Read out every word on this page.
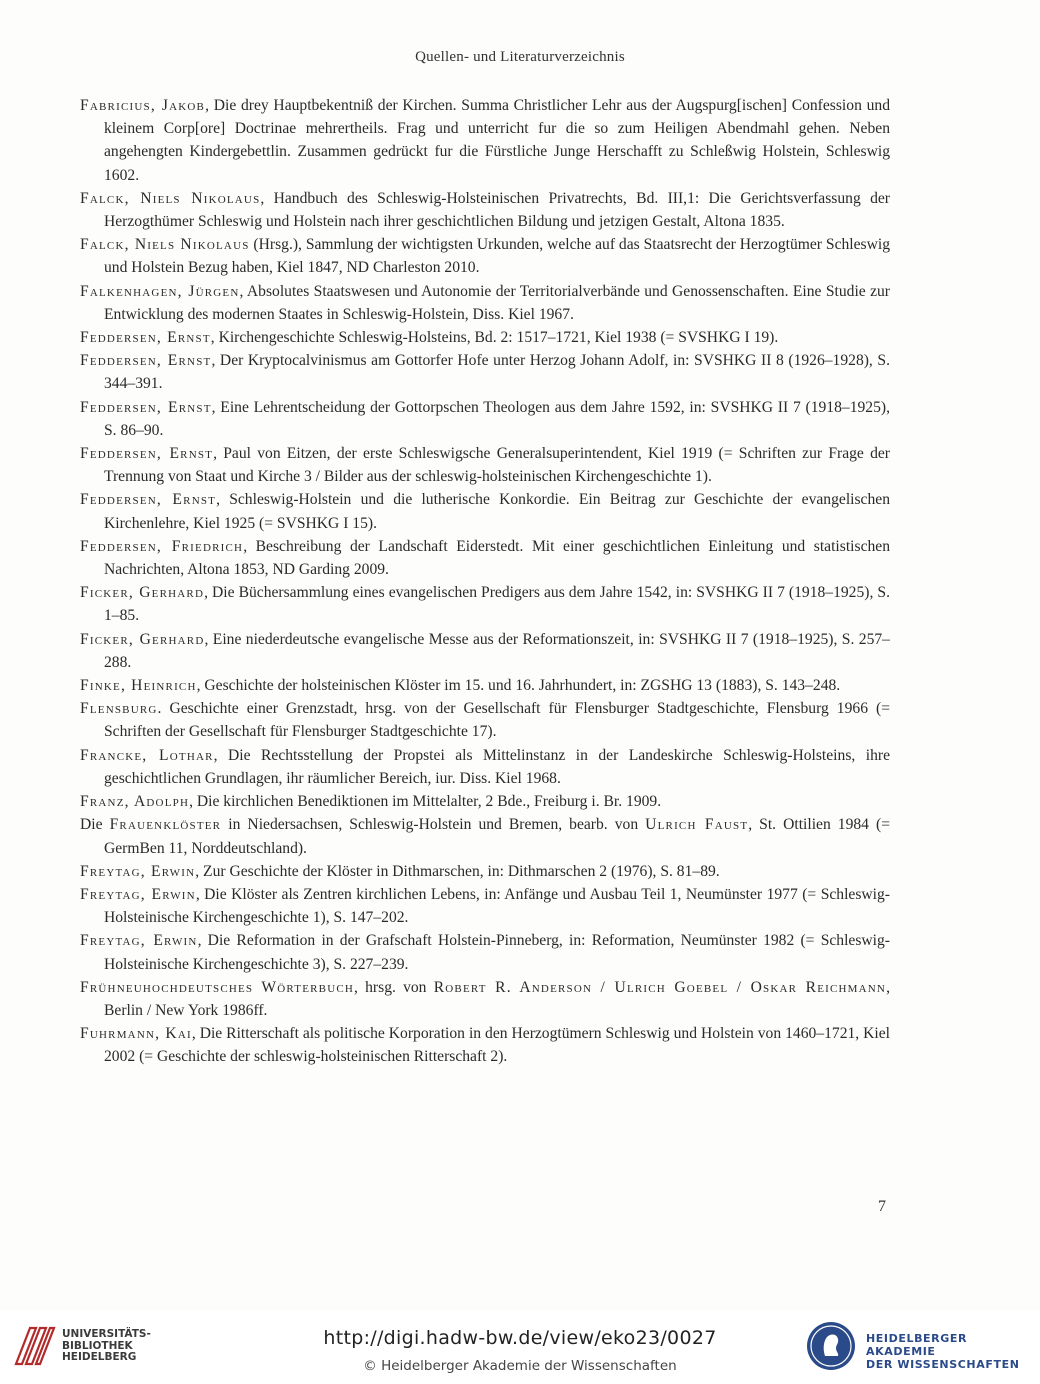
Quellen- und Literaturverzeichnis
Fabricius, Jakob, Die drey Hauptbekentniß der Kirchen. Summa Christlicher Lehr aus der Augspurg[ischen] Confession und kleinem Corp[ore] Doctrinae mehrertheils. Frag und unterricht fur die so zum Heiligen Abendmahl gehen. Neben angehengten Kindergebettlin. Zusammen gedrückt fur die Fürstliche Junge Herschafft zu Schleßwig Holstein, Schleswig 1602.
Falck, Niels Nikolaus, Handbuch des Schleswig-Holsteinischen Privatrechts, Bd. III,1: Die Gerichtsverfassung der Herzogthümer Schleswig und Holstein nach ihrer geschichtlichen Bildung und jetzigen Gestalt, Altona 1835.
Falck, Niels Nikolaus (Hrsg.), Sammlung der wichtigsten Urkunden, welche auf das Staatsrecht der Herzogtümer Schleswig und Holstein Bezug haben, Kiel 1847, ND Charleston 2010.
Falkenhagen, Jürgen, Absolutes Staatswesen und Autonomie der Territorialverbände und Genossenschaften. Eine Studie zur Entwicklung des modernen Staates in Schleswig-Holstein, Diss. Kiel 1967.
Feddersen, Ernst, Kirchengeschichte Schleswig-Holsteins, Bd. 2: 1517–1721, Kiel 1938 (= SVSHKG I 19).
Feddersen, Ernst, Der Kryptocalvinismus am Gottorfer Hofe unter Herzog Johann Adolf, in: SVSHKG II 8 (1926–1928), S. 344–391.
Feddersen, Ernst, Eine Lehrentscheidung der Gottorpschen Theologen aus dem Jahre 1592, in: SVSHKG II 7 (1918–1925), S. 86–90.
Feddersen, Ernst, Paul von Eitzen, der erste Schleswigsche Generalsuperintendent, Kiel 1919 (= Schriften zur Frage der Trennung von Staat und Kirche 3 / Bilder aus der schleswig-holsteinischen Kirchengeschichte 1).
Feddersen, Ernst, Schleswig-Holstein und die lutherische Konkordie. Ein Beitrag zur Geschichte der evangelischen Kirchenlehre, Kiel 1925 (= SVSHKG I 15).
Feddersen, Friedrich, Beschreibung der Landschaft Eiderstedt. Mit einer geschichtlichen Einleitung und statistischen Nachrichten, Altona 1853, ND Garding 2009.
Ficker, Gerhard, Die Büchersammlung eines evangelischen Predigers aus dem Jahre 1542, in: SVSHKG II 7 (1918–1925), S. 1–85.
Ficker, Gerhard, Eine niederdeutsche evangelische Messe aus der Reformationszeit, in: SVSHKG II 7 (1918–1925), S. 257–288.
Finke, Heinrich, Geschichte der holsteinischen Klöster im 15. und 16. Jahrhundert, in: ZGSHG 13 (1883), S. 143–248.
Flensburg. Geschichte einer Grenzstadt, hrsg. von der Gesellschaft für Flensburger Stadtgeschichte, Flensburg 1966 (= Schriften der Gesellschaft für Flensburger Stadtgeschichte 17).
Francke, Lothar, Die Rechtsstellung der Propstei als Mittelinstanz in der Landeskirche Schleswig-Holsteins, ihre geschichtlichen Grundlagen, ihr räumlicher Bereich, iur. Diss. Kiel 1968.
Franz, Adolph, Die kirchlichen Benediktionen im Mittelalter, 2 Bde., Freiburg i. Br. 1909.
Die Frauenklöster in Niedersachsen, Schleswig-Holstein und Bremen, bearb. von Ulrich Faust, St. Ottilien 1984 (= GermBen 11, Norddeutschland).
Freytag, Erwin, Zur Geschichte der Klöster in Dithmarschen, in: Dithmarschen 2 (1976), S. 81–89.
Freytag, Erwin, Die Klöster als Zentren kirchlichen Lebens, in: Anfänge und Ausbau Teil 1, Neumünster 1977 (= Schleswig-Holsteinische Kirchengeschichte 1), S. 147–202.
Freytag, Erwin, Die Reformation in der Grafschaft Holstein-Pinneberg, in: Reformation, Neumünster 1982 (= Schleswig-Holsteinische Kirchengeschichte 3), S. 227–239.
Frühneuhochdeutsches Wörterbuch, hrsg. von Robert R. Anderson / Ulrich Goebel / Oskar Reichmann, Berlin / New York 1986ff.
Fuhrmann, Kai, Die Ritterschaft als politische Korporation in den Herzogtümern Schleswig und Holstein von 1460–1721, Kiel 2002 (= Geschichte der schleswig-holsteinischen Ritterschaft 2).
7
UNIVERSITÄTS-
BIBLIOTHEK
HEIDELBERG
http://digi.hadw-bw.de/view/eko23/0027
© Heidelberger Akademie der Wissenschaften
HEIDELBERGER AKADEMIE
DER WISSENSCHAFTEN
